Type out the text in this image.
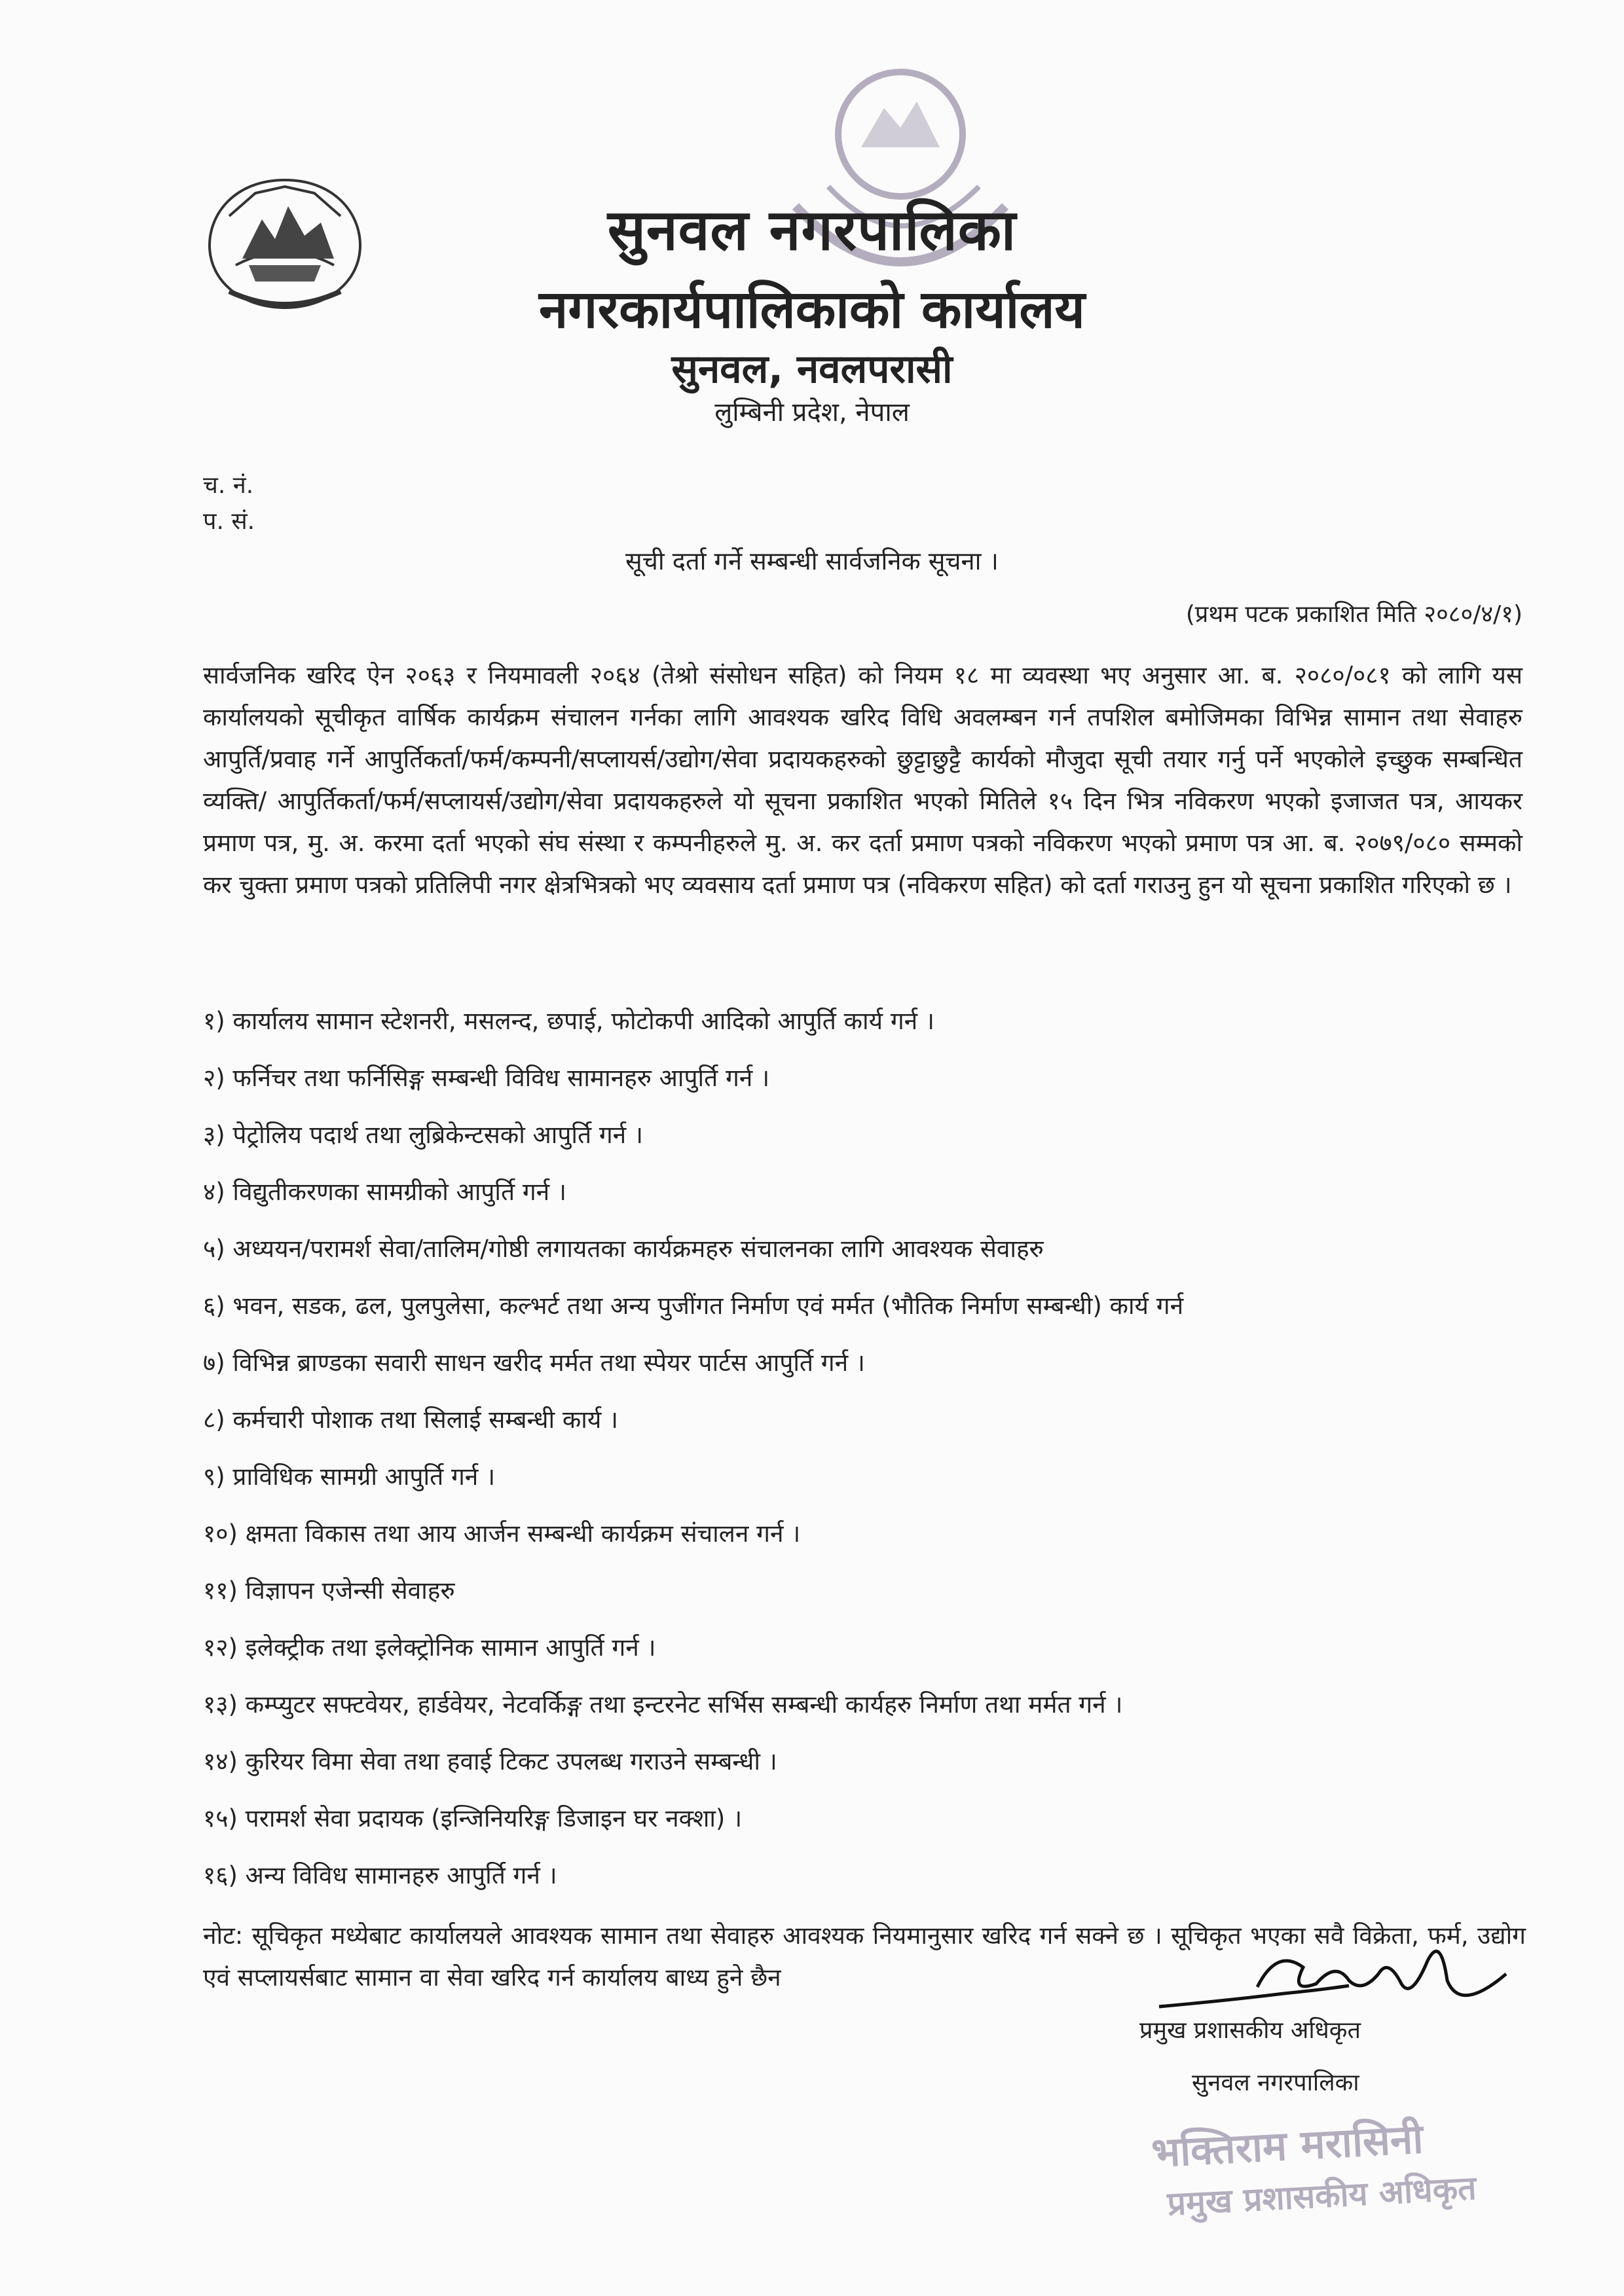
सुनवल नगरपालिका
नगरकार्यपालिकाको कार्यालय
सुनवल, नवलपरासी
लुम्बिनी प्रदेश, नेपाल
च. नं.
प. सं.
सूची दर्ता गर्ने सम्बन्धी सार्वजनिक सूचना ।
(प्रथम पटक प्रकाशित मिति २०८०/४/१)
सार्वजनिक खरिद ऐन २०६३ र नियमावली २०६४ (तेश्रो संसोधन सहित) को नियम १८ मा व्यवस्था भए अनुसार आ. ब. २०८०/०८१ को लागि यस कार्यालयको सूचीकृत वार्षिक कार्यक्रम संचालन गर्नका लागि आवश्यक खरिद विधि अवलम्बन गर्न तपशिल बमोजिमका विभिन्न सामान तथा सेवाहरु आपुर्ति/प्रवाह गर्ने आपुर्तिकर्ता/फर्म/कम्पनी/सप्लायर्स/उद्योग/सेवा प्रदायकहरुको छुट्टाछुट्टै कार्यको मौजुदा सूची तयार गर्नु पर्ने भएकोले इच्छुक सम्बन्धित व्यक्ति/ आपुर्तिकर्ता/फर्म/सप्लायर्स/उद्योग/सेवा प्रदायकहरुले यो सूचना प्रकाशित भएको मितिले १५ दिन भित्र नविकरण भएको इजाजत पत्र, आयकर प्रमाण पत्र, मु. अ. करमा दर्ता भएको संघ संस्था र कम्पनीहरुले मु. अ. कर दर्ता प्रमाण पत्रको नविकरण भएको प्रमाण पत्र आ. ब. २०७९/०८० सम्मको कर चुक्ता प्रमाण पत्रको प्रतिलिपी नगर क्षेत्रभित्रको भए व्यवसाय दर्ता प्रमाण पत्र (नविकरण सहित) को दर्ता गराउनु हुन यो सूचना प्रकाशित गरिएको छ ।
१) कार्यालय सामान स्टेशनरी, मसलन्द, छपाई, फोटोकपी आदिको आपुर्ति कार्य गर्न ।
२) फर्निचर तथा फर्निसिङ्ग सम्बन्धी विविध सामानहरु आपुर्ति गर्न ।
३) पेट्रोलिय पदार्थ तथा लुब्रिकेन्टसको आपुर्ति गर्न ।
४) विद्युतीकरणका सामग्रीको आपुर्ति गर्न ।
५) अध्ययन/परामर्श सेवा/तालिम/गोष्ठी लगायतका कार्यक्रमहरु संचालनका लागि आवश्यक सेवाहरु
६) भवन, सडक, ढल, पुलपुलेसा, कल्भर्ट तथा अन्य पुजींगत निर्माण एवं मर्मत (भौतिक निर्माण सम्बन्धी) कार्य गर्न
७) विभिन्न ब्राण्डका सवारी साधन खरीद मर्मत तथा स्पेयर पार्टस आपुर्ति गर्न ।
८) कर्मचारी पोशाक तथा सिलाई सम्बन्धी कार्य ।
९) प्राविधिक सामग्री आपुर्ति गर्न ।
१०) क्षमता विकास तथा आय आर्जन सम्बन्धी कार्यक्रम संचालन गर्न ।
११) विज्ञापन एजेन्सी सेवाहरु
१२) इलेक्ट्रीक तथा इलेक्ट्रोनिक सामान आपुर्ति गर्न ।
१३) कम्प्युटर सफ्टवेयर, हार्डवेयर, नेटवर्किङ्ग तथा इन्टरनेट सर्भिस सम्बन्धी कार्यहरु निर्माण तथा मर्मत गर्न ।
१४) कुरियर विमा सेवा तथा हवाई टिकट उपलब्ध गराउने सम्बन्धी ।
१५) परामर्श सेवा प्रदायक (इन्जिनियरिङ्ग डिजाइन घर नक्शा) ।
१६) अन्य विविध सामानहरु आपुर्ति गर्न ।
नोट: सूचिकृत मध्येबाट कार्यालयले आवश्यक सामान तथा सेवाहरु आवश्यक नियमानुसार खरिद गर्न सक्ने छ । सूचिकृत भएका सवै विक्रेता, फर्म, उद्योग एवं सप्लायर्सबाट सामान वा सेवा खरिद गर्न कार्यालय बाध्य हुने छैन
प्रमुख प्रशासकीय अधिकृत
सुनवल नगरपालिका
भक्तिराम मरासिनी
प्रमुख प्रशासकीय अधिकृत
